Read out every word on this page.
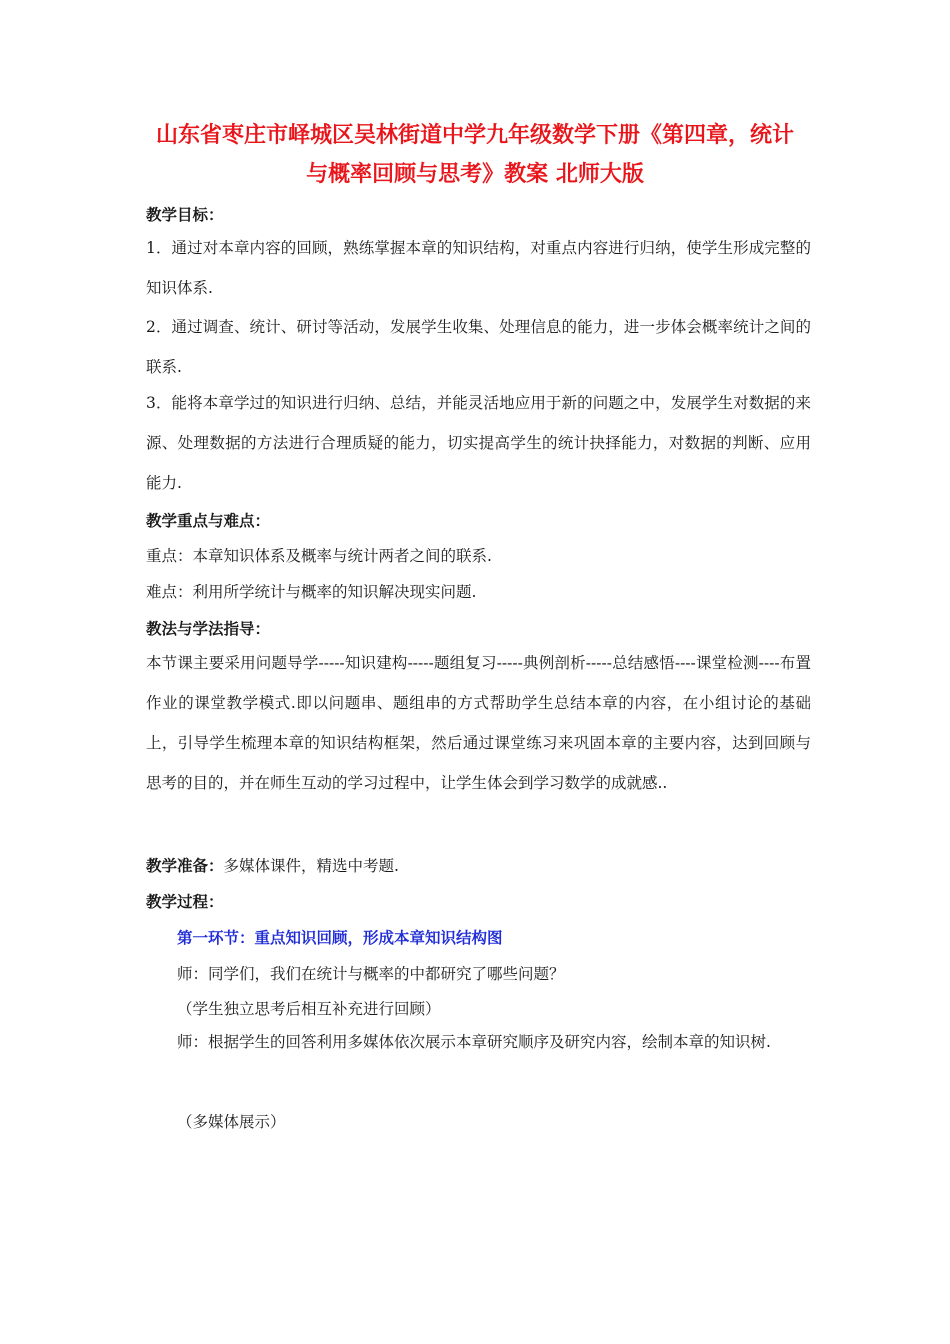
山东省枣庄市峄城区吴林街道中学九年级数学下册《第四章，统计
与概率回顾与思考》教案 北师大版
教学目标：
1．通过对本章内容的回顾，熟练掌握本章的知识结构，对重点内容进行归纳，使学生形成完整的知识体系.
2．通过调查、统计、研讨等活动，发展学生收集、处理信息的能力，进一步体会概率统计之间的联系.
3．能将本章学过的知识进行归纳、总结，并能灵活地应用于新的问题之中，发展学生对数据的来源、处理数据的方法进行合理质疑的能力，切实提高学生的统计抉择能力，对数据的判断、应用能力.
教学重点与难点：
重点：本章知识体系及概率与统计两者之间的联系.
难点：利用所学统计与概率的知识解决现实问题.
教法与学法指导：
本节课主要采用问题导学-----知识建构-----题组复习-----典例剖析-----总结感悟----课堂检测----布置作业的课堂教学模式.即以问题串、题组串的方式帮助学生总结本章的内容，在小组讨论的基础上，引导学生梳理本章的知识结构框架，然后通过课堂练习来巩固本章的主要内容，达到回顾与思考的目的，并在师生互动的学习过程中，让学生体会到学习数学的成就感..
教学准备：多媒体课件，精选中考题.
教学过程：
第一环节：重点知识回顾，形成本章知识结构图
师：同学们，我们在统计与概率的中都研究了哪些问题？
（学生独立思考后相互补充进行回顾）
师：根据学生的回答利用多媒体依次展示本章研究顺序及研究内容，绘制本章的知识树.
（多媒体展示）
